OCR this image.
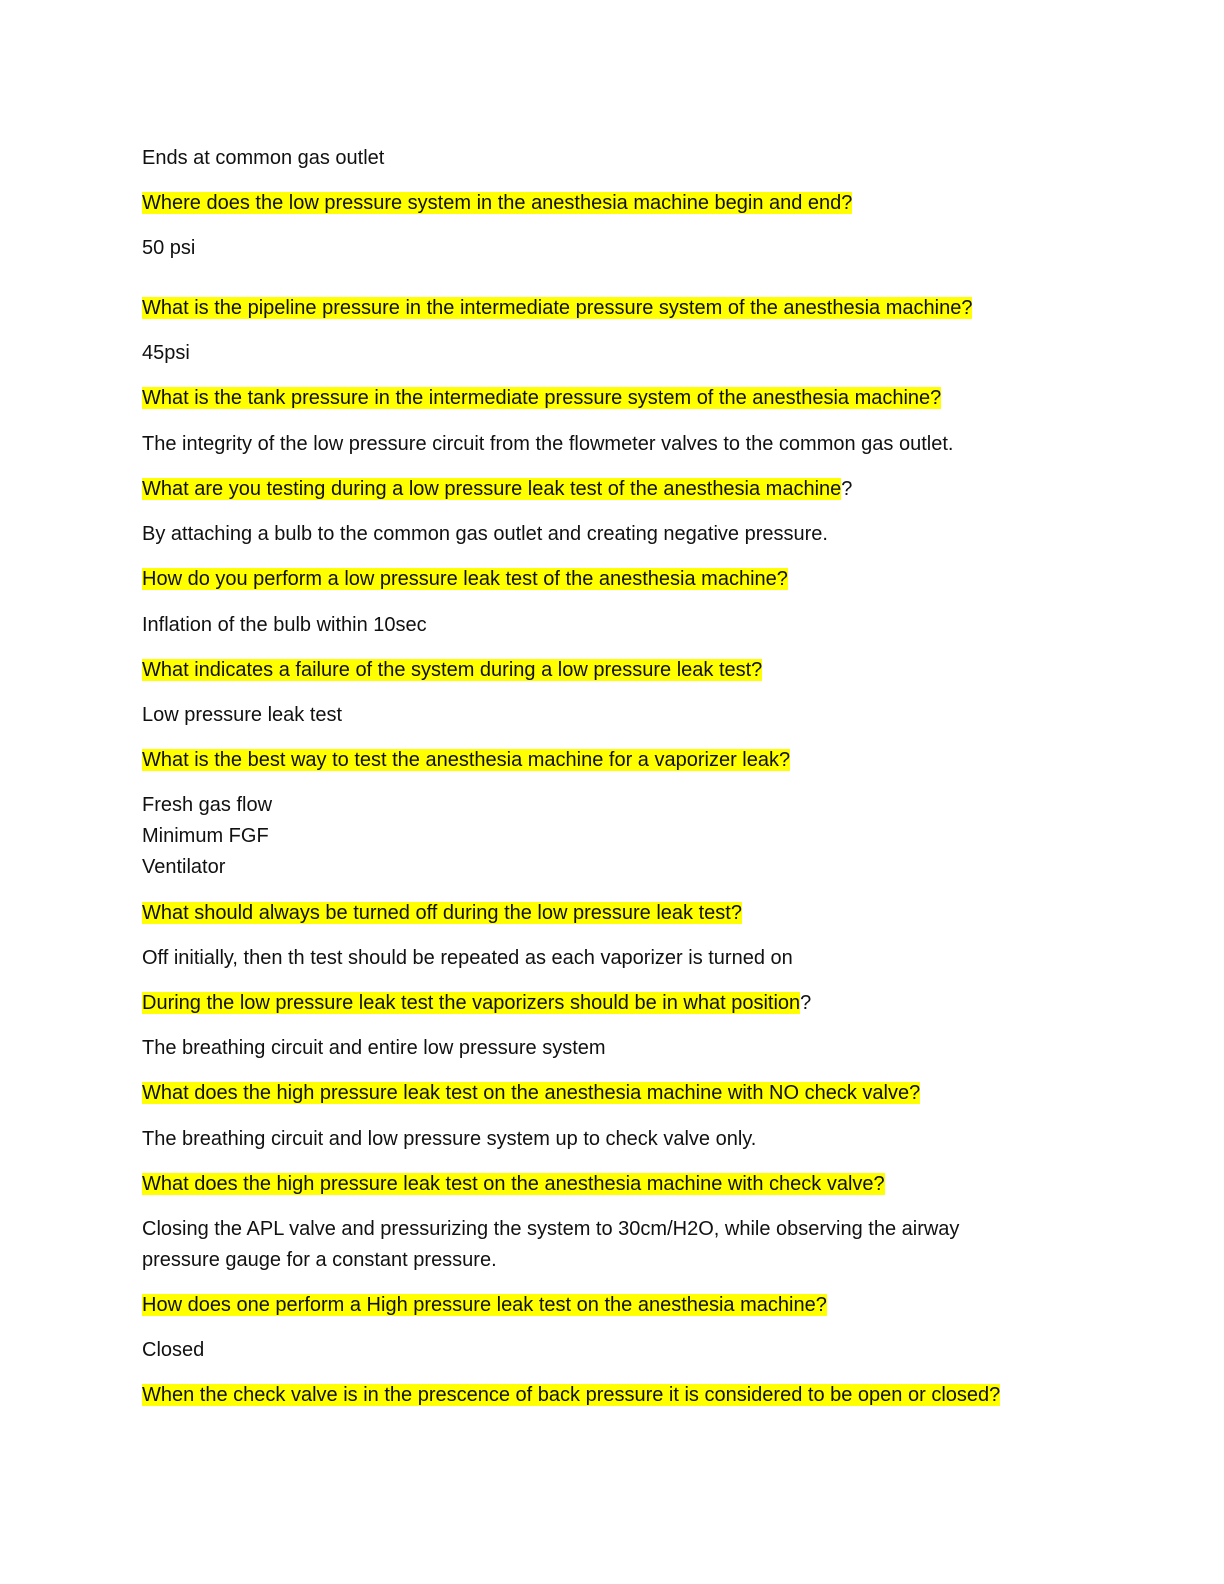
Ends at common gas outlet
Where does the low pressure system in the anesthesia machine begin and end?
50 psi
What is the pipeline pressure in the intermediate pressure system of the anesthesia machine?
45psi
What is the tank pressure in the intermediate pressure system of the anesthesia machine?
The integrity of the low pressure circuit from the flowmeter valves to the common gas outlet.
What are you testing during a low pressure leak test of the anesthesia machine?
By attaching a bulb to the common gas outlet and creating negative pressure.
How do you perform a low pressure leak test of the anesthesia machine?
Inflation of the bulb within 10sec
What indicates a failure of the system during a low pressure leak test?
Low pressure leak test
What is the best way to test the anesthesia machine for a vaporizer leak?
Fresh gas flow
Minimum FGF
Ventilator
What should always be turned off during the low pressure leak test?
Off initially, then th test should be repeated as each vaporizer is turned on
During the low pressure leak test the vaporizers should be in what position?
The breathing circuit and entire low pressure system
What does the high pressure leak test on the anesthesia machine with NO check valve?
The breathing circuit and low pressure system up to check valve only.
What does the high pressure leak test on the anesthesia machine with check valve?
Closing the APL valve and pressurizing the system to 30cm/H2O, while observing the airway
pressure gauge for a constant pressure.
How does one perform a High pressure leak test on the anesthesia machine?
Closed
When the check valve is in the prescence of back pressure it is considered to be open or closed?
